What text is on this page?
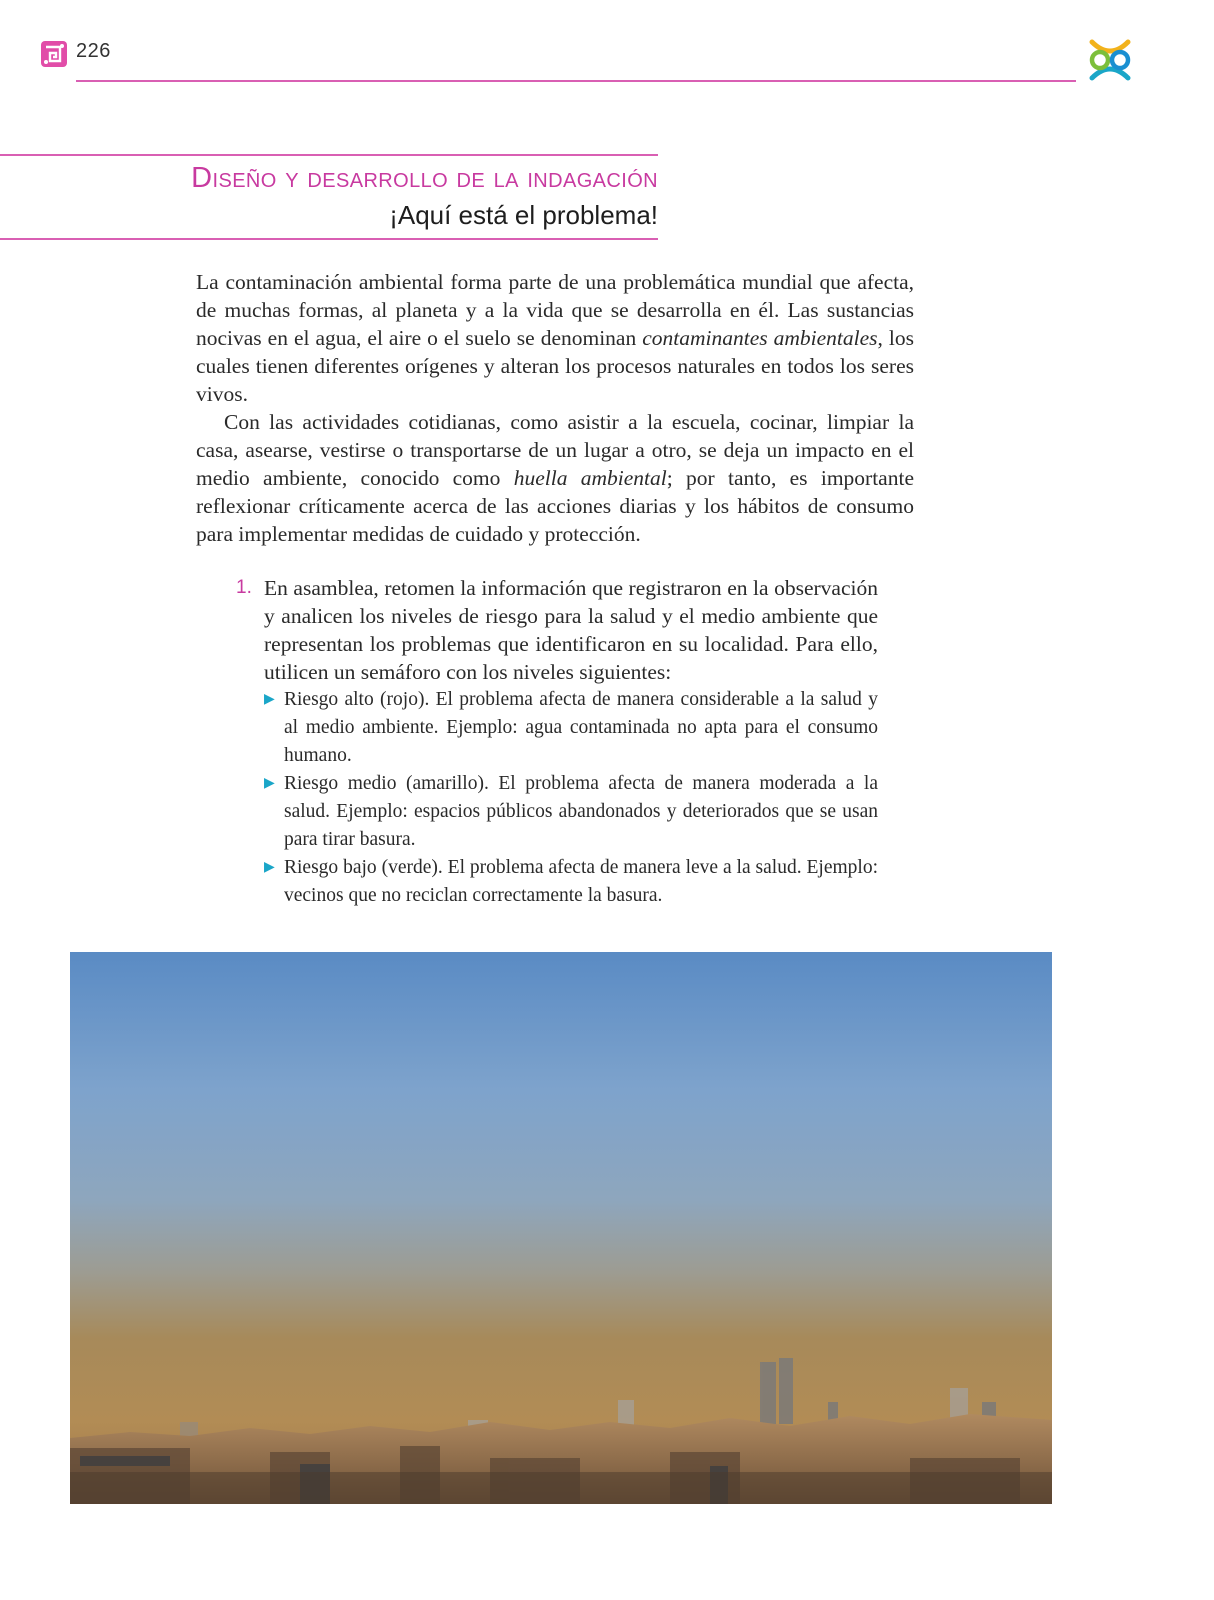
226
Diseño y desarrollo de la indagación
¡Aquí está el problema!

La contaminación ambiental forma parte de una problemática mundial que afecta, de muchas formas, al planeta y a la vida que se desarrolla en él. Las sustancias nocivas en el agua, el aire o el suelo se denominan contaminantes ambientales, los cuales tienen diferentes orígenes y alteran los procesos naturales en todos los seres vivos.

Con las actividades cotidianas, como asistir a la escuela, cocinar, limpiar la casa, asearse, vestirse o transportarse de un lugar a otro, se deja un impacto en el medio ambiente, conocido como huella ambiental; por tanto, es importante reflexionar críticamente acerca de las acciones diarias y los hábitos de consumo para implementar medidas de cuidado y protección.

1. En asamblea, retomen la información que registraron en la observación y analicen los niveles de riesgo para la salud y el medio ambiente que representan los problemas que identificaron en su localidad. Para ello, utilicen un semáforo con los niveles siguientes:
▶ Riesgo alto (rojo). El problema afecta de manera considerable a la salud y al medio ambiente. Ejemplo: agua contaminada no apta para el consumo humano.
▶ Riesgo medio (amarillo). El problema afecta de manera moderada a la salud. Ejemplo: espacios públicos abandonados y deteriorados que se usan para tirar basura.
▶ Riesgo bajo (verde). El problema afecta de manera leve a la salud. Ejemplo: vecinos que no reciclan correctamente la basura.
